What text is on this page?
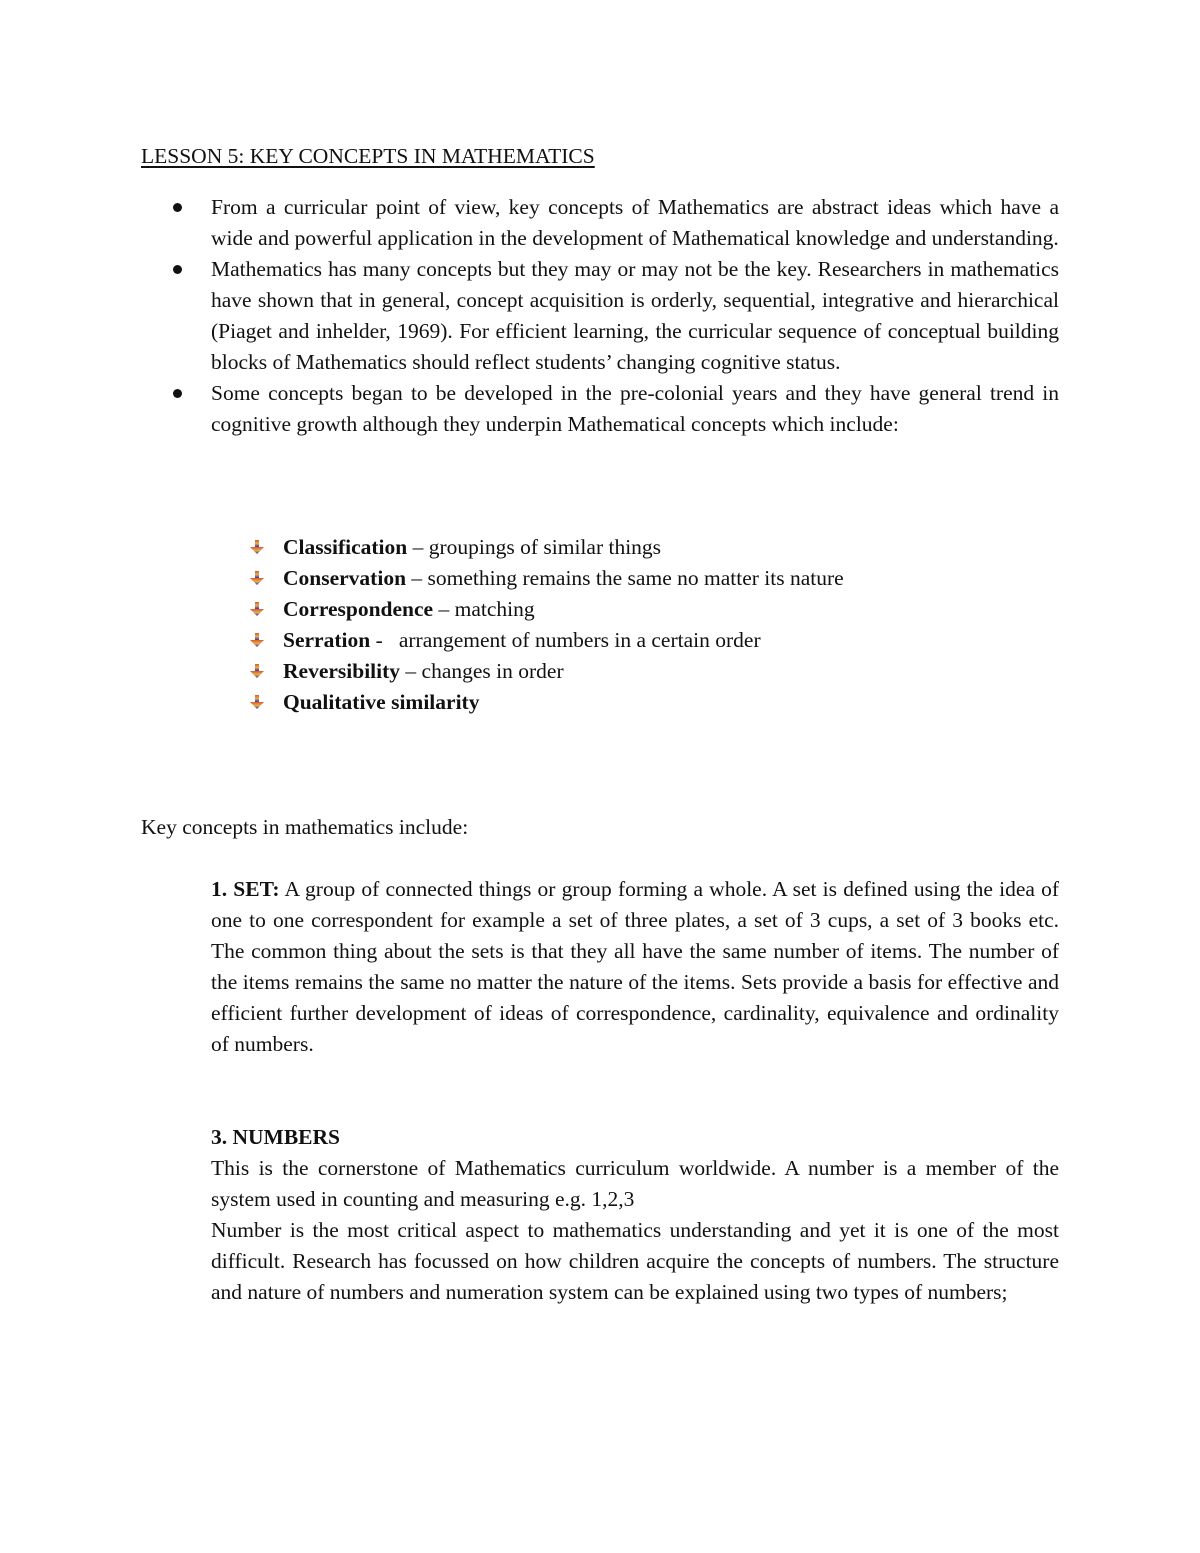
LESSON 5: KEY CONCEPTS IN MATHEMATICS
From a curricular point of view, key concepts of Mathematics are abstract ideas which have a wide and powerful application in the development of Mathematical knowledge and understanding.
Mathematics has many concepts but they may or may not be the key. Researchers in mathematics have shown that in general, concept acquisition is orderly, sequential, integrative and hierarchical (Piaget and inhelder, 1969). For efficient learning, the curricular sequence of conceptual building blocks of Mathematics should reflect students’ changing cognitive status.
Some concepts began to be developed in the pre-colonial years and they have general trend in cognitive growth although they underpin Mathematical concepts which include:
Classification – groupings of similar things
Conservation – something remains the same no matter its nature
Correspondence – matching
Serration -   arrangement of numbers in a certain order
Reversibility – changes in order
Qualitative similarity

Key concepts in mathematics include:

1. SET: A group of connected things or group forming a whole. A set is defined using the idea of one to one correspondent for example a set of three plates, a set of 3 cups, a set of 3 books etc. The common thing about the sets is that they all have the same number of items. The number of the items remains the same no matter the nature of the items. Sets provide a basis for effective and efficient further development of ideas of correspondence, cardinality, equivalence and ordinality of numbers.

3. NUMBERS

This is the cornerstone of Mathematics curriculum worldwide. A number is a member of the system used in counting and measuring e.g. 1,2,3

Number is the most critical aspect to mathematics understanding and yet it is one of the most difficult. Research has focussed on how children acquire the concepts of numbers. The structure and nature of numbers and numeration system can be explained using two types of numbers;
